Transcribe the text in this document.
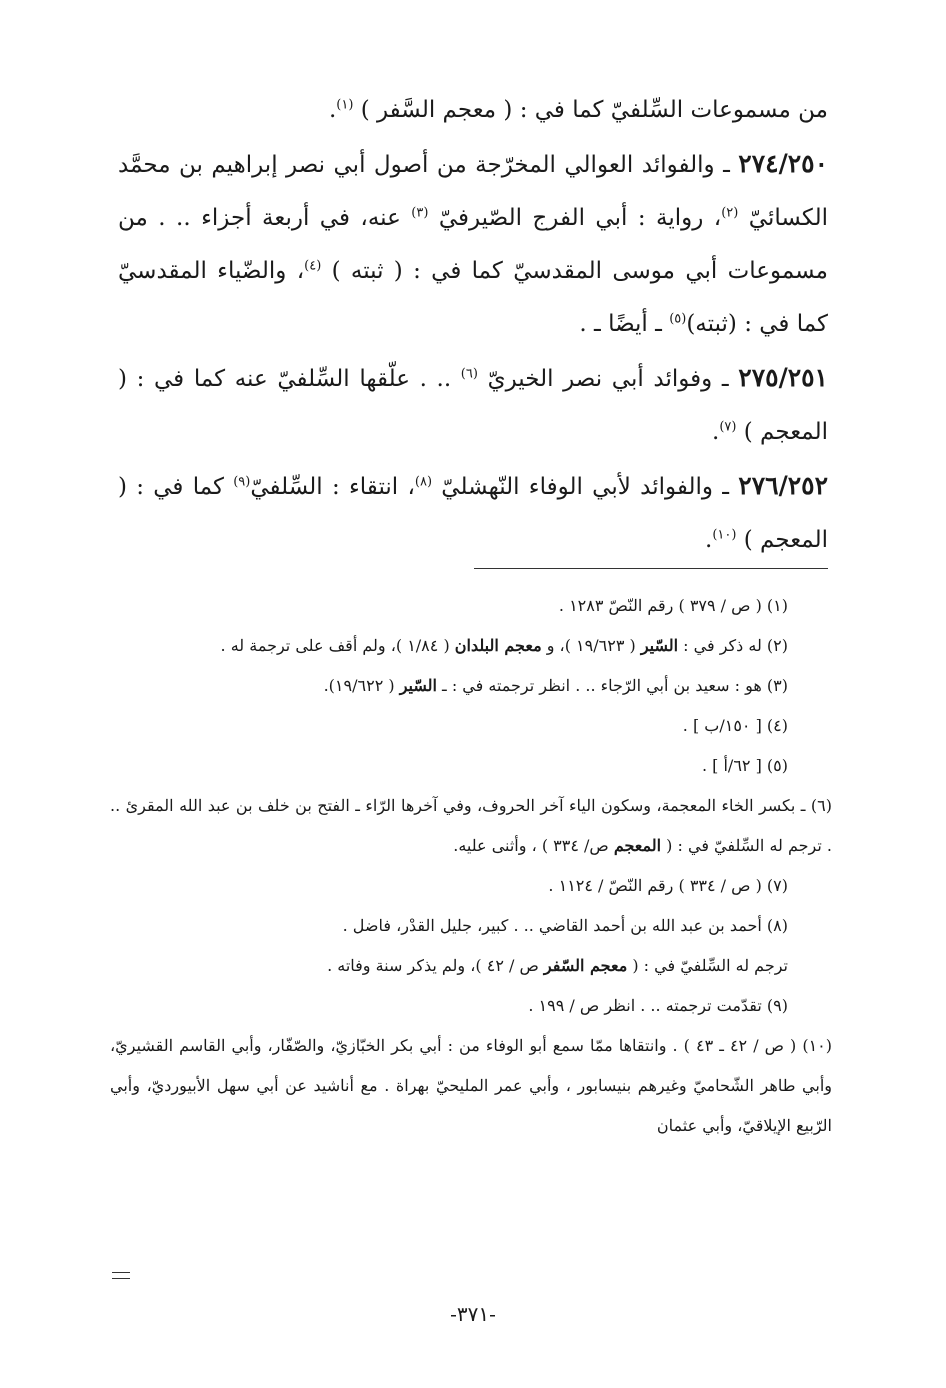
من مسموعات السِّلفيّ كما في : ( معجم السَّفر ) $^{(١)}$.

٢٧٤/٢٥٠ ـ والفوائد العوالي المخرّجة من أصول أبي نصر إبراهيم بن محمَّد الكسائيّ $^{(٢)}$، رواية : أبي الفرج الصّيرفيّ $^{(٣)}$ عنه، في أربعة أجزاء .. . من مسموعات أبي موسى المقدسيّ كما في : ( ثبته ) $^{(٤)}$، والضّياء المقدسيّ كما في : (ثبته)$^{(٥)}$ ـ أيضًا ـ .

٢٧٥/٢٥١ ـ وفوائد أبي نصر الخيريّ $^{(٦)}$ .. . علّقها السِّلفيّ عنه كما في : ( المعجم ) $^{(٧)}$.

٢٧٦/٢٥٢ ـ والفوائد لأبي الوفاء النّهشليّ $^{(٨)}$، انتقاء : السِّلفيّ$^{(٩)}$ كما في : ( المعجم ) $^{(١٠)}$.

(١) ( ص / ٣٧٩ ) رقم النّصّ ١٢٨٣ .

(٢) له ذكر في : السّير ( ١٩/٦٢٣ )، و معجم البلدان ( ١/٨٤ )، ولم أقف على ترجمة له .

(٣) هو : سعيد بن أبي الرّجاء .. . انظر ترجمته في : ـ السّير ( ١٩/٦٢٢).

(٤) [ ١٥٠/ب ] .

(٥) [ ٦٢/أ ] .

(٦) ـ بكسر الخاء المعجمة، وسكون الياء آخر الحروف، وفي آخرها الرّاء ـ الفتح بن خلف بن عبد الله المقرئ .. . ترجم له السِّلفيّ في : ( المعجم ص/ ٣٣٤ ) ، وأثنى عليه.

(٧) ( ص / ٣٣٤ ) رقم النّصّ / ١١٢٤ .

(٨) أحمد بن عبد الله بن أحمد القاضي .. . كبير، جليل القدْر، فاضل .

ترجم له السِّلفيّ في : ( معجم السّفر ص / ٤٢ )، ولم يذكر سنة وفاته .

(٩) تقدّمت ترجمته .. . انظر ص / ١٩٩ .

(١٠) ( ص / ٤٢ ـ ٤٣ ) . وانتقاها ممّا سمع أبو الوفاء من : أبي بكر الخبّازيّ، والصّفّار، وأبي القاسم القشيريّ، وأبي طاهر الشّحاميّ وغيرهم بنيسابور ، وأبي عمر المليحيّ بهراة . مع أناشيد عن أبي سهل الأبيورديّ، وأبي الرّبيع الإيلاقيّ، وأبي عثمان

-٣٧١-
